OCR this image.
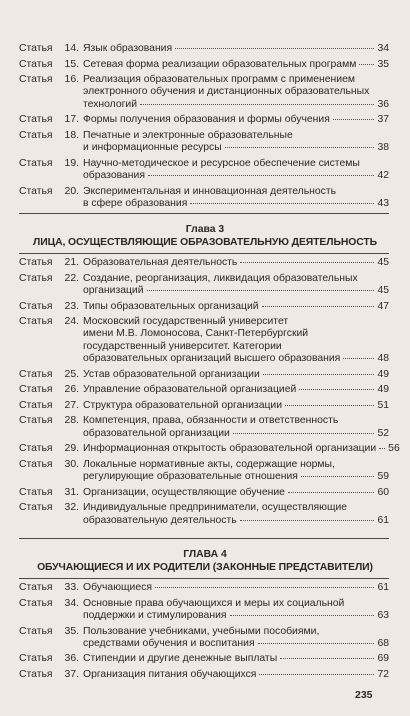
Статья	14. Язык образования	34
Статья	15. Сетевая форма реализации образовательных программ 35
Статья	16. Реализация образовательных программ с применением
электронного обучения и дистанционных образовательных
технологий	36
Статья	17. Формы получения образования и формы обучения	37
Статья	18. Печатные и электронные образовательные
и информационные ресурсы	38
Статья	19. Научно-методическое и ресурсное обеспечение системы
образования	42
Статья	20. Экспериментальная и инновационная деятельность
в сфере образования	43
Глава 3
ЛИЦА, ОСУЩЕСТВЛЯЮЩИЕ ОБРАЗОВАТЕЛЬНУЮ ДЕЯТЕЛЬНОСТЬ
Статья	21. Образовательная деятельность	45
Статья	22. Создание, реорганизация, ликвидация образовательных
организаций	45
Статья	23. Типы образовательных организаций	47
Статья	24. Московский государственный университет
имени М.В. Ломоносова, Санкт-Петербургский
государственный университет. Категории
образовательных организаций высшего образования	48
Статья	25. Устав образовательной организации	49
Статья	26. Управление образовательной организацией	49
Статья	27. Структура образовательной организации	51
Статья	28. Компетенция, права, обязанности и ответственность
образовательной организации	52
Статья	29. Информационная открытость образовательной организации 56
Статья	30. Локальные нормативные акты, содержащие нормы,
регулирующие образовательные отношения	59
Статья	31. Организации, осуществляющие обучение	60
Статья	32. Индивидуальные предприниматели, осуществляющие
образовательную деятельность	61
ГЛАВА 4
ОБУЧАЮЩИЕСЯ И ИХ РОДИТЕЛИ (ЗАКОННЫЕ ПРЕДСТАВИТЕЛИ)
Статья	33. Обучающиеся	61
Статья	34. Основные права обучающихся и меры их социальной
поддержки и стимулирования	63
Статья	35. Пользование учебниками, учебными пособиями,
средствами обучения и воспитания	68
Статья	36. Стипендии и другие денежные выплаты	69
Статья	37. Организация питания обучающихся	72
235
